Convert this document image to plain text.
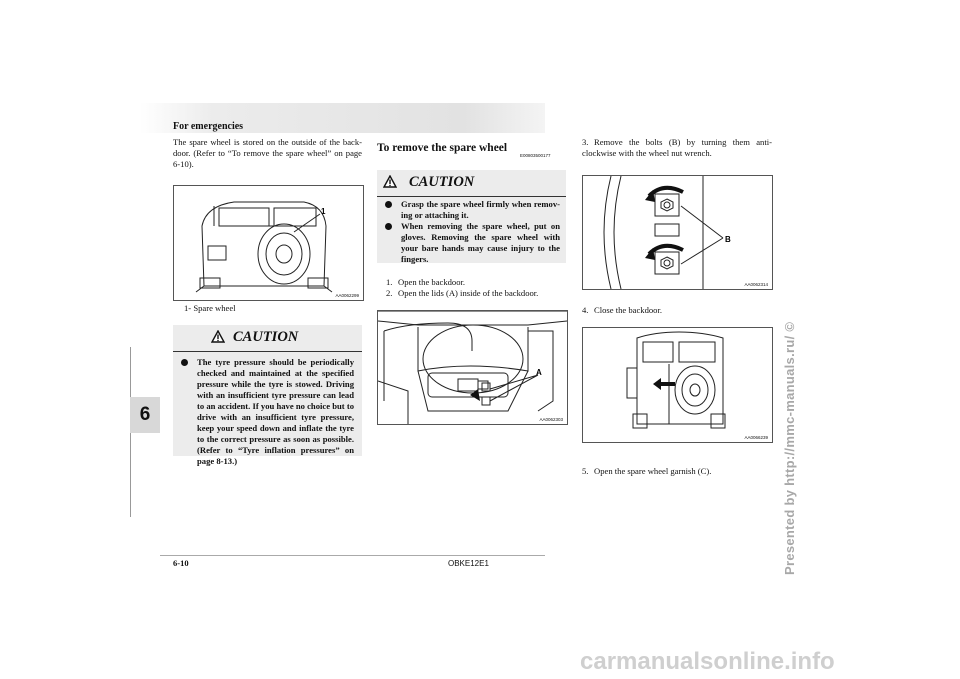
For emergencies
The spare wheel is stored on the outside of the back-door. (Refer to “To remove the spare wheel” on page 6-10).
1
AA0062299
1- Spare wheel
CAUTION
The tyre pressure should be periodically checked and maintained at the specified pressure while the tyre is stowed. Driving with an insufficient tyre pressure can lead to an accident. If you have no choice but to drive with an insufficient tyre pressure, keep your speed down and inflate the tyre to the correct pressure as soon as possible. (Refer to “Tyre inflation pressures” on page 8-13.)
6
To remove the spare wheel
E00803500177
CAUTION
Grasp the spare wheel firmly when remov-ing or attaching it.
When removing the spare wheel, put on gloves. Removing the spare wheel with your bare hands may cause injury to the fingers.
1. Open the backdoor.
2. Open the lids (A) inside of the backdoor.
A
AA0062303
3. Remove the bolts (B) by turning them anti-clockwise with the wheel nut wrench.
B
AA0062314
4. Close the backdoor.
AA0066239
5. Open the spare wheel garnish (C).
6-10	OBKE12E1	Presented by http://mmc-manuals.ru/ ©
carmanualsonline.info
